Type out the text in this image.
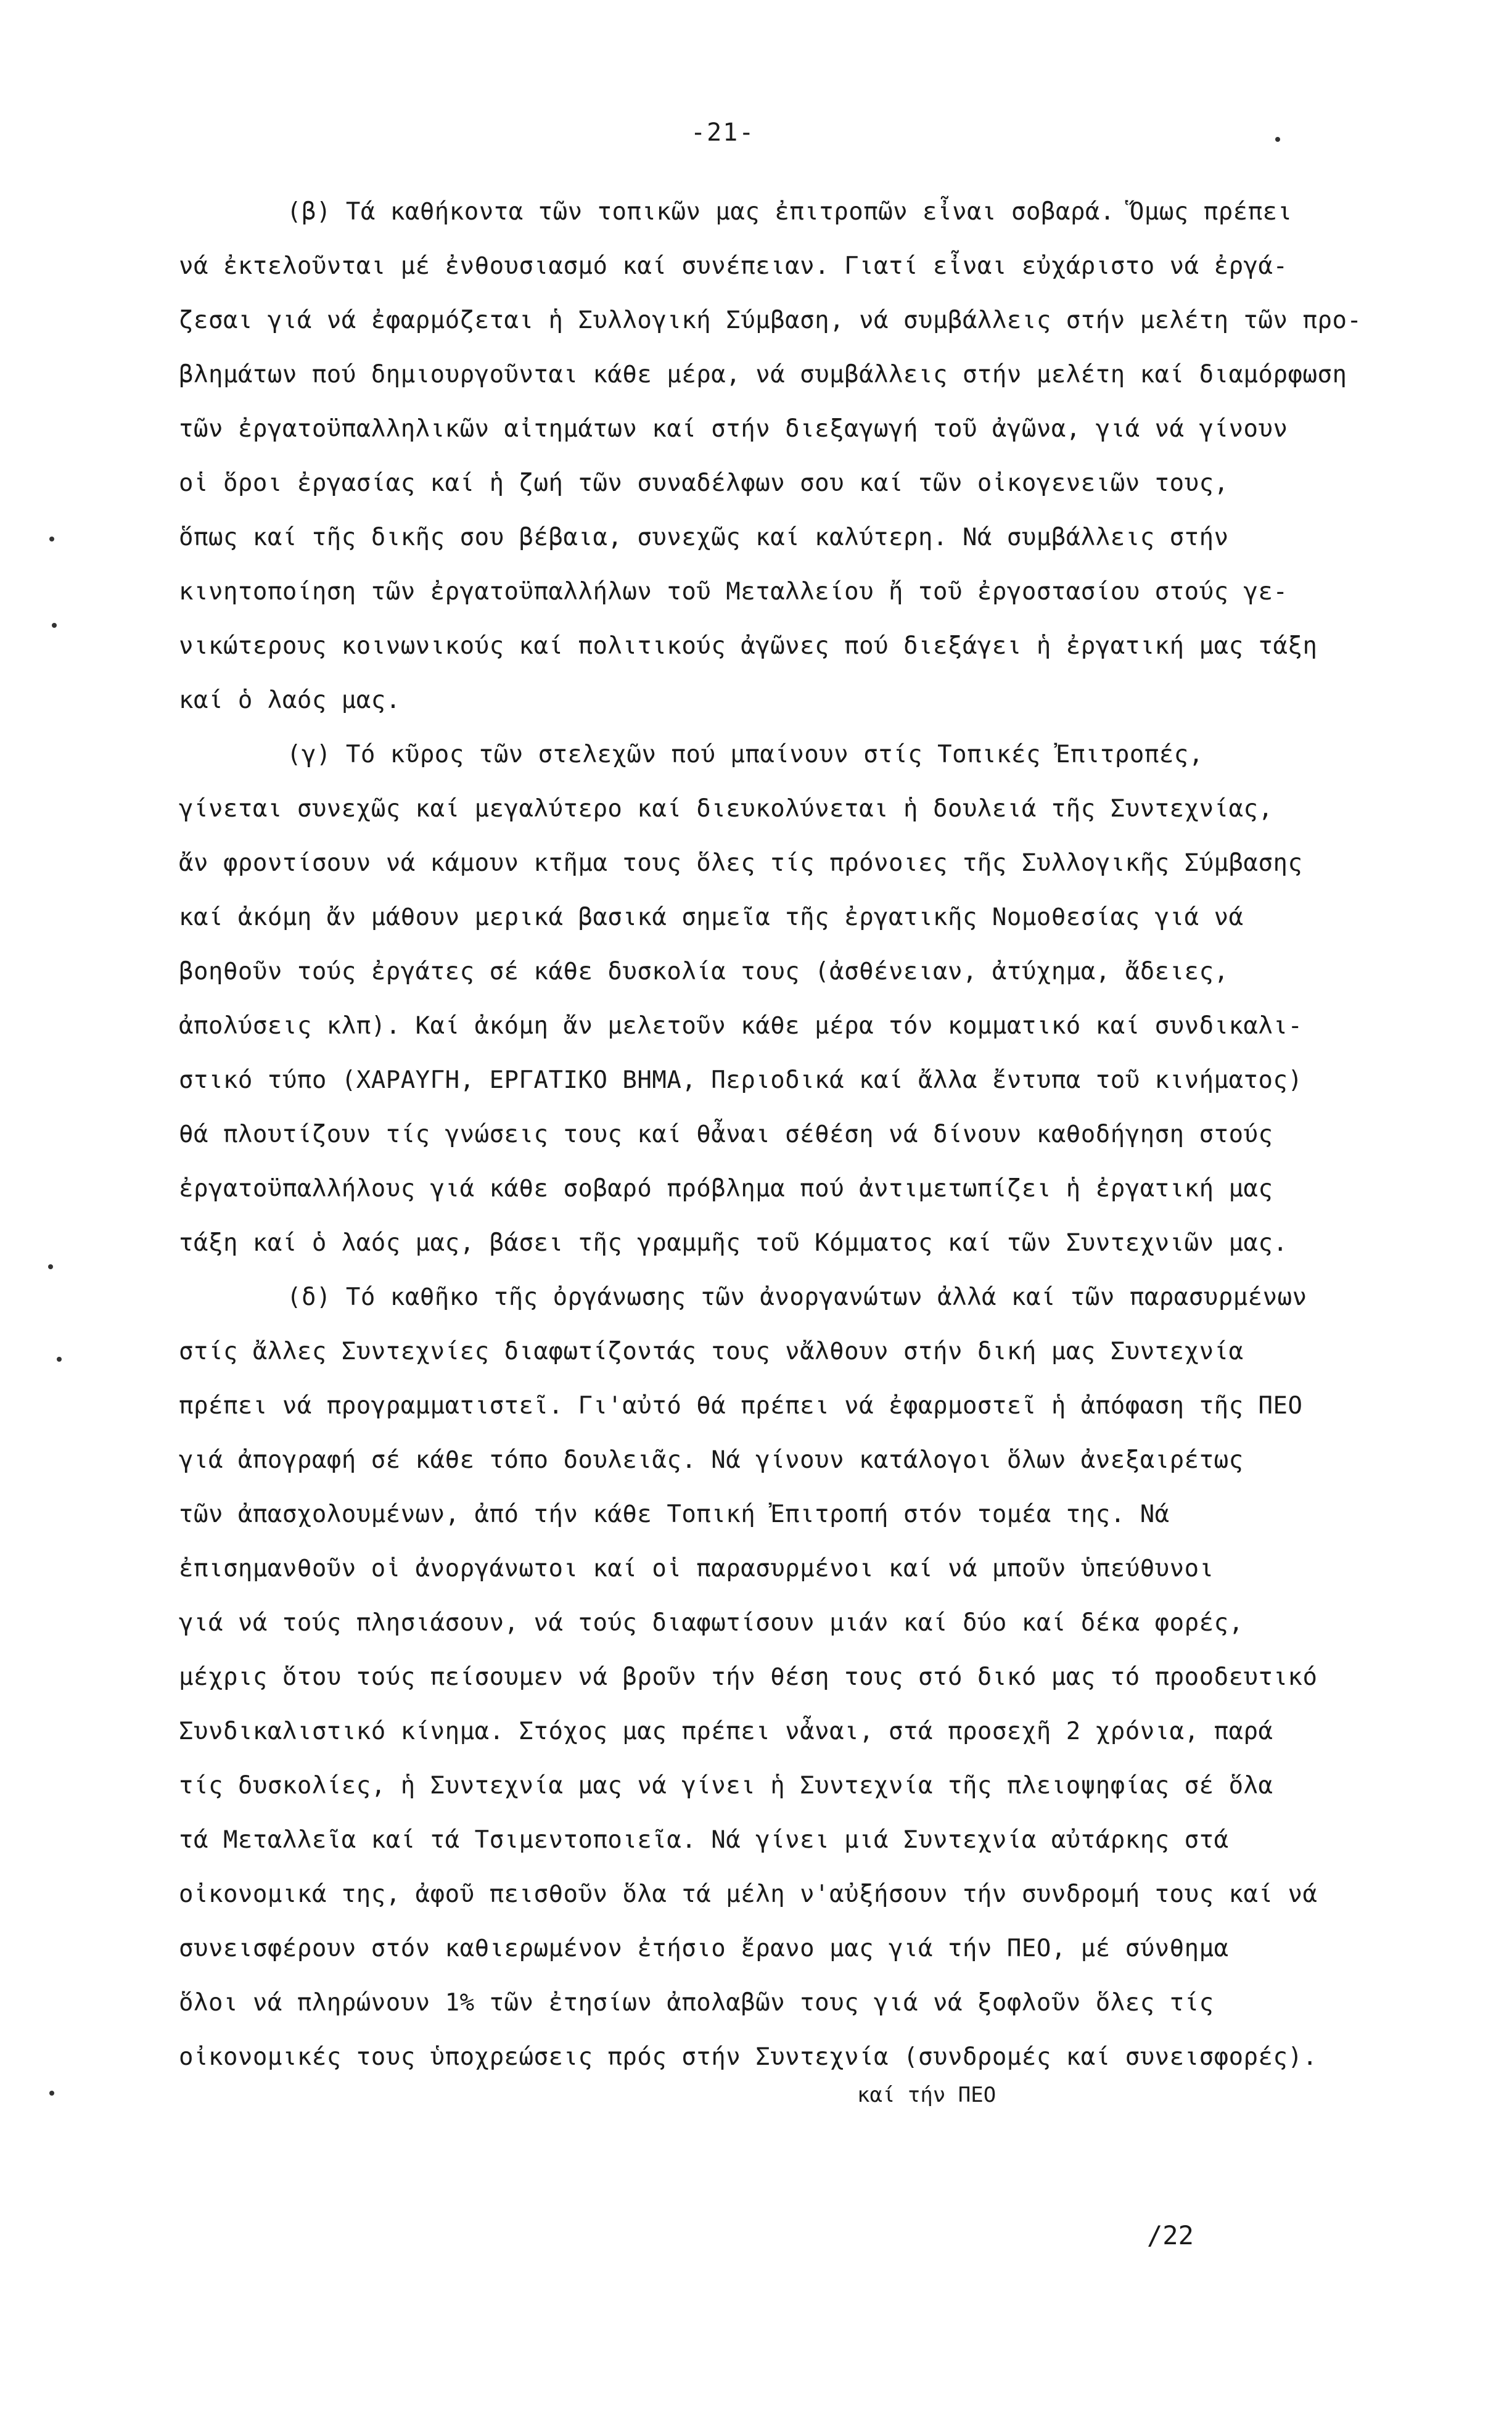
-21-
(β) Τά καθήκοντα τῶν τοπικῶν μας ἐπιτροπῶν εἶναι σοβαρά. Ὅμως πρέπει
νά ἐκτελοῦνται μέ ἐνθουσιασμό καί συνέπειαν. Γιατί εἶναι εὐχάριστο νά ἐργά-
ζεσαι γιά νά ἐφαρμόζεται ἡ Συλλογική Σύμβαση, νά συμβάλλεις στήν μελέτη τῶν προ-
βλημάτων πού δημιουργοῦνται κάθε μέρα, νά συμβάλλεις στήν μελέτη καί διαμόρφωση
τῶν ἐργατοϋπαλληλικῶν αἰτημάτων καί στήν διεξαγωγή τοῦ ἀγῶνα, γιά νά γίνουν
οἱ ὅροι ἐργασίας καί ἡ ζωή τῶν συναδέλφων σου καί τῶν οἰκογενειῶν τους,
ὅπως καί τῆς δικῆς σου βέβαια, συνεχῶς καί καλύτερη. Νά συμβάλλεις στήν
κινητοποίηση τῶν ἐργατοϋπαλλήλων τοῦ Μεταλλείου ἤ τοῦ ἐργοστασίου στούς γε-
νικώτερους κοινωνικούς καί πολιτικούς ἀγῶνες πού διεξάγει ἡ ἐργατική μας τάξη
καί ὁ λαός μας.
(γ) Τό κῦρος τῶν στελεχῶν πού μπαίνουν στίς Τοπικές Ἐπιτροπές,
γίνεται συνεχῶς καί μεγαλύτερο καί διευκολύνεται ἡ δουλειά τῆς Συντεχνίας,
ἄν φροντίσουν νά κάμουν κτῆμα τους ὅλες τίς πρόνοιες τῆς Συλλογικῆς Σύμβασης
καί ἀκόμη ἄν μάθουν μερικά βασικά σημεῖα τῆς ἐργατικῆς Νομοθεσίας γιά νά
βοηθοῦν τούς ἐργάτες σέ κάθε δυσκολία τους (ἀσθένειαν, ἀτύχημα, ἄδειες,
ἀπολύσεις κλπ). Καί ἀκόμη ἄν μελετοῦν κάθε μέρα τόν κομματικό καί συνδικαλι-
στικό τύπο (ΧΑΡΑΥΓΗ, ΕΡΓΑΤΙΚΟ ΒΗΜΑ, Περιοδικά καί ἄλλα ἔντυπα τοῦ κινήματος)
θά πλουτίζουν τίς γνώσεις τους καί θἆναι σέθέση νά δίνουν καθοδήγηση στούς
ἐργατοϋπαλλήλους γιά κάθε σοβαρό πρόβλημα πού ἀντιμετωπίζει ἡ ἐργατική μας
τάξη καί ὁ λαός μας, βάσει τῆς γραμμῆς τοῦ Κόμματος καί τῶν Συντεχνιῶν μας.
(δ) Τό καθῆκο τῆς ὀργάνωσης τῶν ἀνοργανώτων ἀλλά καί τῶν παρασυρμένων
στίς ἄλλες Συντεχνίες διαφωτίζοντάς τους νἄλθουν στήν δική μας Συντεχνία
πρέπει νά προγραμματιστεῖ. Γι'αὐτό θά πρέπει νά ἐφαρμοστεῖ ἡ ἀπόφαση τῆς ΠΕΟ
γιά ἀπογραφή σέ κάθε τόπο δουλειᾶς. Νά γίνουν κατάλογοι ὅλων ἀνεξαιρέτως
τῶν ἀπασχολουμένων, ἀπό τήν κάθε Τοπική Ἐπιτροπή στόν τομέα της. Νά
ἐπισημανθοῦν οἱ ἀνοργάνωτοι καί οἱ παρασυρμένοι καί νά μποῦν ὑπεύθυνοι
γιά νά τούς πλησιάσουν, νά τούς διαφωτίσουν μιάν καί δύο καί δέκα φορές,
μέχρις ὅτου τούς πείσουμεν νά βροῦν τήν θέση τους στό δικό μας τό προοδευτικό
Συνδικαλιστικό κίνημα. Στόχος μας πρέπει νἆναι, στά προσεχῆ 2 χρόνια, παρά
τίς δυσκολίες, ἡ Συντεχνία μας νά γίνει ἡ Συντεχνία τῆς πλειοψηφίας σέ ὅλα
τά Μεταλλεῖα καί τά Τσιμεντοποιεῖα. Νά γίνει μιά Συντεχνία αὐτάρκης στά
οἰκονομικά της, ἀφοῦ πεισθοῦν ὅλα τά μέλη ν'αὐξήσουν τήν συνδρομή τους καί νά
συνεισφέρουν στόν καθιερωμένον ἐτήσιο ἔρανο μας γιά τήν ΠΕΟ, μέ σύνθημα
ὅλοι νά πληρώνουν 1% τῶν ἐτησίων ἀπολαβῶν τους γιά νά ξοφλοῦν ὅλες τίς
οἰκονομικές τους ὑποχρεώσεις πρός στήν Συντεχνία (συνδρομές καί συνεισφορές).
καί τήν ΠΕΟ
/22
